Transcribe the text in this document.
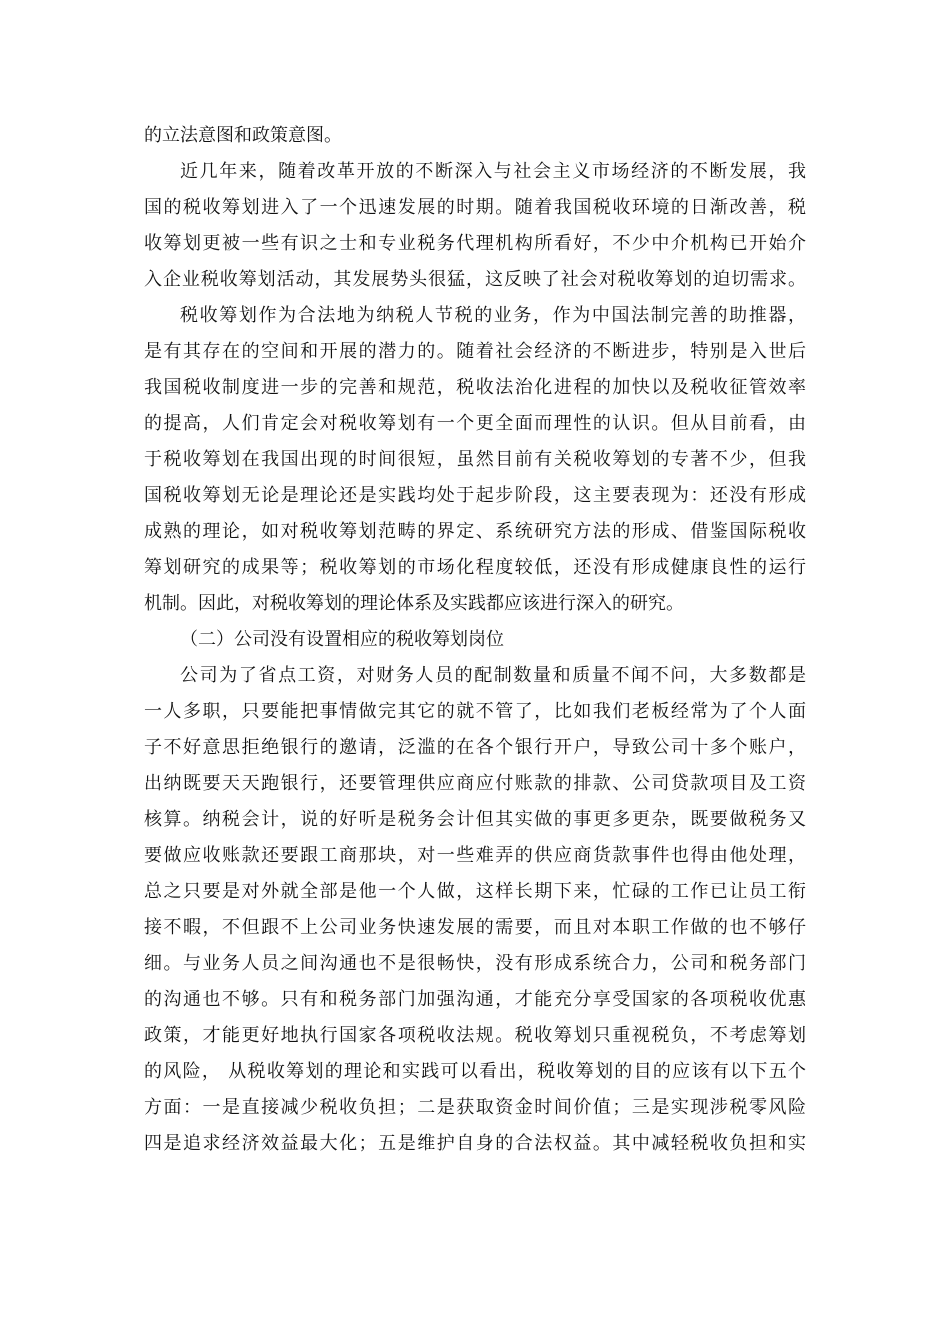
的立法意图和政策意图。
近几年来，随着改革开放的不断深入与社会主义市场经济的不断发展，我
国的税收筹划进入了一个迅速发展的时期。随着我国税收环境的日渐改善，税
收筹划更被一些有识之士和专业税务代理机构所看好，不少中介机构已开始介
入企业税收筹划活动，其发展势头很猛，这反映了社会对税收筹划的迫切需求。
税收筹划作为合法地为纳税人节税的业务，作为中国法制完善的助推器，
是有其存在的空间和开展的潜力的。随着社会经济的不断进步，特别是入世后
我国税收制度进一步的完善和规范，税收法治化进程的加快以及税收征管效率
的提高，人们肯定会对税收筹划有一个更全面而理性的认识。但从目前看，由
于税收筹划在我国出现的时间很短，虽然目前有关税收筹划的专著不少，但我
国税收筹划无论是理论还是实践均处于起步阶段，这主要表现为：还没有形成
成熟的理论，如对税收筹划范畴的界定、系统研究方法的形成、借鉴国际税收
筹划研究的成果等；税收筹划的市场化程度较低，还没有形成健康良性的运行
机制。因此，对税收筹划的理论体系及实践都应该进行深入的研究。
（二）公司没有设置相应的税收筹划岗位
公司为了省点工资，对财务人员的配制数量和质量不闻不问，大多数都是
一人多职，只要能把事情做完其它的就不管了，比如我们老板经常为了个人面
子不好意思拒绝银行的邀请，泛滥的在各个银行开户，导致公司十多个账户，
出纳既要天天跑银行，还要管理供应商应付账款的排款、公司贷款项目及工资
核算。纳税会计，说的好听是税务会计但其实做的事更多更杂，既要做税务又
要做应收账款还要跟工商那块，对一些难弄的供应商货款事件也得由他处理，
总之只要是对外就全部是他一个人做，这样长期下来，忙碌的工作已让员工衔
接不暇，不但跟不上公司业务快速发展的需要，而且对本职工作做的也不够仔
细。与业务人员之间沟通也不是很畅快，没有形成系统合力，公司和税务部门
的沟通也不够。只有和税务部门加强沟通，才能充分享受国家的各项税收优惠
政策，才能更好地执行国家各项税收法规。税收筹划只重视税负，不考虑筹划
的风险， 从税收筹划的理论和实践可以看出，税收筹划的目的应该有以下五个
方面：一是直接减少税收负担；二是获取资金时间价值；三是实现涉税零风险
四是追求经济效益最大化；五是维护自身的合法权益。其中减轻税收负担和实
